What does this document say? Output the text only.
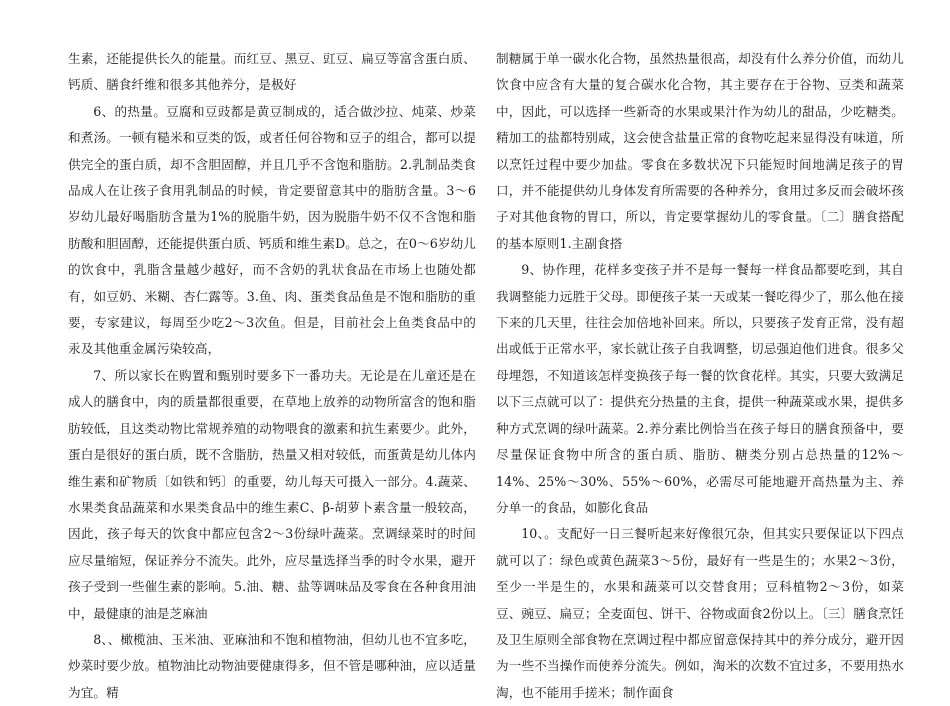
生素，还能提供长久的能量。而红豆、黑豆、豇豆、扁豆等富含蛋白质、钙质、膳食纤维和很多其他养分，是极好

6、的热量。豆腐和豆豉都是黄豆制成的，适合做沙拉、炖菜、炒菜和煮汤。一顿有糙米和豆类的饭，或者任何谷物和豆子的组合，都可以提供完全的蛋白质，却不含胆固醇，并且几乎不含饱和脂肪。2.乳制品类食品成人在让孩子食用乳制品的时候，肯定要留意其中的脂肪含量。3～6岁幼儿最好喝脂肪含量为1%的脱脂牛奶，因为脱脂牛奶不仅不含饱和脂肪酸和胆固醇，还能提供蛋白质、钙质和维生素D。总之，在0～6岁幼儿的饮食中，乳脂含量越少越好，而不含奶的乳状食品在市场上也随处都有，如豆奶、米糊、杏仁露等。3.鱼、肉、蛋类食品鱼是不饱和脂肪的重要，专家建议，每周至少吃2～3次鱼。但是，目前社会上鱼类食品中的汞及其他重金属污染较高，

7、所以家长在购置和甄别时要多下一番功夫。无论是在儿童还是在成人的膳食中，肉的质量都很重要，在草地上放养的动物所富含的饱和脂肪较低，且这类动物比常规养殖的动物喂食的激素和抗生素要少。此外，蛋白是很好的蛋白质，既不含脂肪，热量又相对较低，而蛋黄是幼儿体内维生素和矿物质〔如铁和钙〕的重要，幼儿每天可摄入一部分。4.蔬菜、水果类食品蔬菜和水果类食品中的维生素C、β-胡萝卜素含量一般较高，因此，孩子每天的饮食中都应包含2～3份绿叶蔬菜。烹调绿菜时的时间应尽量缩短，保证养分不流失。此外，应尽量选择当季的时令水果，避开孩子受到一些催生素的影响。5.油、糖、盐等调味品及零食在各种食用油中，最健康的油是芝麻油

8、、橄榄油、玉米油、亚麻油和不饱和植物油，但幼儿也不宜多吃，炒菜时要少放。植物油比动物油要健康得多，但不管是哪种油，应以适量为宜。精

制糖属于单一碳水化合物，虽然热量很高，却没有什么养分价值，而幼儿饮食中应含有大量的复合碳水化合物，其主要存在于谷物、豆类和蔬菜中，因此，可以选择一些新奇的水果或果汁作为幼儿的甜品，少吃糖类。精加工的盐都特别咸，这会使含盐量正常的食物吃起来显得没有味道，所以烹饪过程中要少加盐。零食在多数状况下只能短时间地满足孩子的胃口，并不能提供幼儿身体发育所需要的各种养分，食用过多反而会破坏孩子对其他食物的胃口，所以，肯定要掌握幼儿的零食量。〔二〕膳食搭配的基本原则1.主副食搭

9、协作理，花样多变孩子并不是每一餐每一样食品都要吃到，其自我调整能力远胜于父母。即便孩子某一天或某一餐吃得少了，那么他在接下来的几天里，往往会加倍地补回来。所以，只要孩子发育正常，没有超出或低于正常水平，家长就让孩子自我调整，切忌强迫他们进食。很多父母埋怨，不知道该怎样变换孩子每一餐的饮食花样。其实，只要大致满足以下三点就可以了：提供充分热量的主食，提供一种蔬菜或水果，提供多种方式烹调的绿叶蔬菜。2.养分素比例恰当在孩子每日的膳食预备中，要尽量保证食物中所含的蛋白质、脂肪、糖类分别占总热量的12%～14%、25%～30%、55%～60%，必需尽可能地避开高热量为主、养分单一的食品，如膨化食品

10、。支配好一日三餐听起来好像很冗杂，但其实只要保证以下四点就可以了：绿色或黄色蔬菜3～5份，最好有一些是生的；水果2～3份，至少一半是生的，水果和蔬菜可以交替食用；豆科植物2～3份，如菜豆、豌豆、扁豆；全麦面包、饼干、谷物或面食2份以上。〔三〕膳食烹饪及卫生原则全部食物在烹调过程中都应留意保持其中的养分成分，避开因为一些不当操作而使养分流失。例如，淘米的次数不宜过多，不要用热水淘，也不能用手搓米；制作面食
